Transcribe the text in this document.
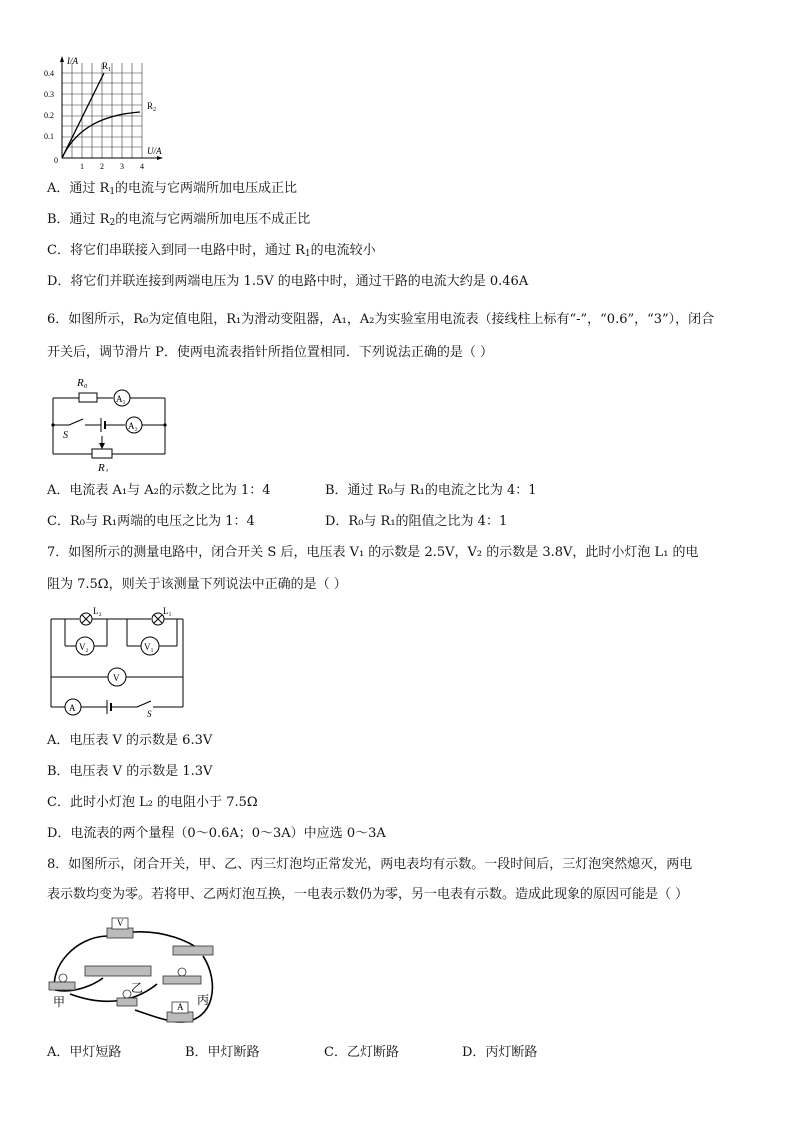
I/A
U/A
0
0.1
0.2
0.3
0.4
1 2 3 4
$R_1$
$R_2$
A．通过 $R_1$的电流与它两端所加电压成正比
B．通过 $R_2$的电流与它两端所加电压不成正比
C．将它们串联接入到同一电路中时，通过 $R_1$的电流较小
D．将它们并联连接到两端电压为 1.5V 的电路中时，通过干路的电流大约是 0.46A
6．如图所示，R₀为定值电阻，R₁为滑动变阻器，A₁，A₂为实验室用电流表（接线柱上标有“-”，“0.6”，“3”），闭合
开关后，调节滑片 P．使两电流表指针所指位置相同．下列说法正确的是（ ）
R₀
A₁
A₂
S
R₁
A．电流表 A₁与 A₂的示数之比为 1：4	B．通过 R₀与 R₁的电流之比为 4：1
C．R₀与 R₁两端的电压之比为 1：4	D．R₀与 R₁的阻值之比为 4：1
7．如图所示的测量电路中，闭合开关 S 后，电压表 V₁ 的示数是 2.5V，V₂ 的示数是 3.8V，此时小灯泡 L₁ 的电
阻为 7.5Ω，则关于该测量下列说法中正确的是（ ）
L₂	L₁
V₂	V₁
V
A
S
A．电压表 V 的示数是 6.3V
B．电压表 V 的示数是 1.3V
C．此时小灯泡 L₂ 的电阻小于 7.5Ω
D．电流表的两个量程（0～0.6A；0～3A）中应选 0～3A
8．如图所示，闭合开关，甲、乙、丙三灯泡均正常发光，两电表均有示数。一段时间后，三灯泡突然熄灭，两电
表示数均变为零。若将甲、乙两灯泡互换，一电表示数仍为零，另一电表有示数。造成此现象的原因可能是（ ）
V
A
甲
乙
丙
A．甲灯短路	B．甲灯断路	C．乙灯断路	D．丙灯断路
